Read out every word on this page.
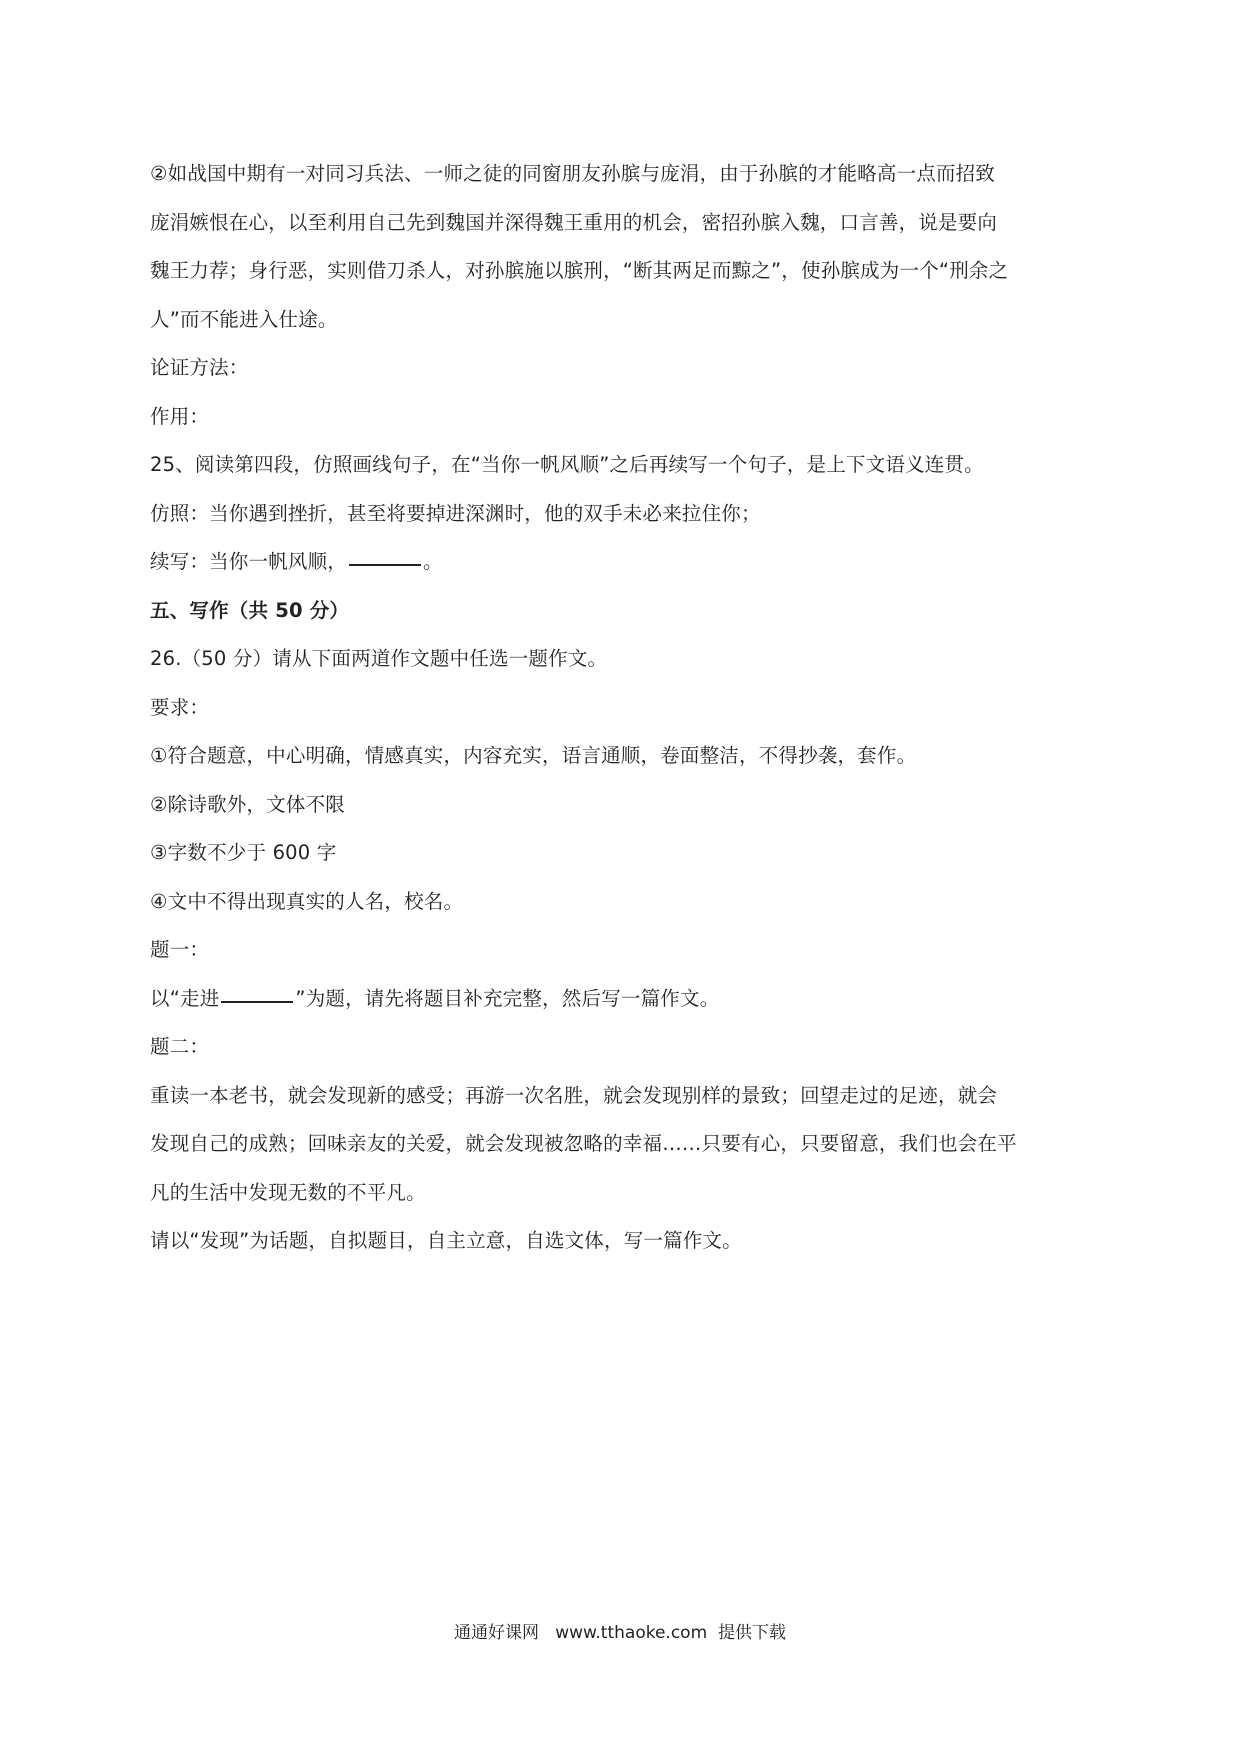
②如战国中期有一对同习兵法、一师之徒的同窗朋友孙膑与庞涓，由于孙膑的才能略高一点而招致

庞涓嫉恨在心，以至利用自己先到魏国并深得魏王重用的机会，密招孙膑入魏，口言善，说是要向

魏王力荐；身行恶，实则借刀杀人，对孙膑施以膑刑，“断其两足而黥之”，使孙膑成为一个“刑余之

人”而不能进入仕途。

论证方法：

作用：

25、阅读第四段，仿照画线句子，在“当你一帆风顺”之后再续写一个句子，是上下文语义连贯。

仿照：当你遇到挫折，甚至将要掉进深渊时，他的双手未必来拉住你；

续写：当你一帆风顺，	。

五、写作（共 50 分）

26.（50 分）请从下面两道作文题中任选一题作文。

要求：

①符合题意，中心明确，情感真实，内容充实，语言通顺，卷面整洁，不得抄袭，套作。

②除诗歌外，文体不限

③字数不少于 600 字

④文中不得出现真实的人名，校名。

题一：

以“走进	”为题，请先将题目补充完整，然后写一篇作文。

题二：

重读一本老书，就会发现新的感受；再游一次名胜，就会发现别样的景致；回望走过的足迹，就会

发现自己的成熟；回味亲友的关爱，就会发现被忽略的幸福……只要有心，只要留意，我们也会在平

凡的生活中发现无数的不平凡。

请以“发现”为话题，自拟题目，自主立意，自选文体，写一篇作文。

通通好课网   www.tthaoke.com  提供下载
